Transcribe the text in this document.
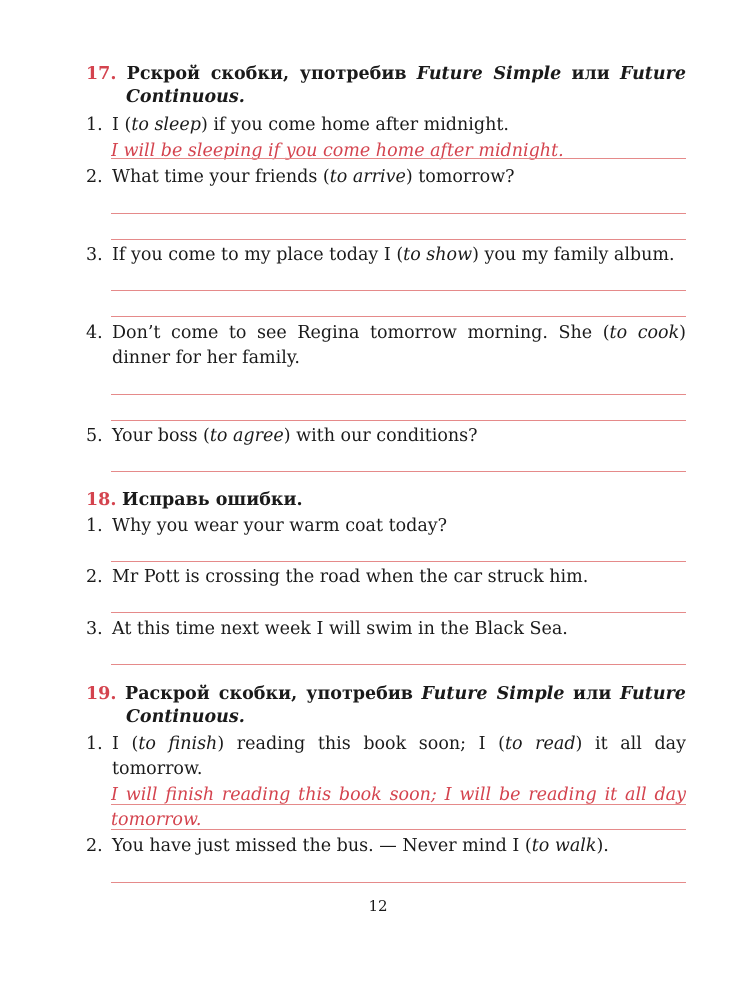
17. Рскрой скобки, употребив Future Simple или Future
Continuous.
1. I (to sleep) if you come home after midnight.
I will be sleeping if you come home after midnight.
2. What time your friends (to arrive) tomorrow?
3. If you come to my place today I (to show) you my family album.
4. Don’t come to see Regina tomorrow morning. She (to cook)
dinner for her family.
5. Your boss (to agree) with our conditions?
18. Исправь ошибки.
1. Why you wear your warm coat today?
2. Mr Pott is crossing the road when the car struck him.
3. At this time next week I will swim in the Black Sea.
19. Раскрой скобки, употребив Future Simple или Future
Continuous.
1. I (to finish) reading this book soon; I (to read) it all day
tomorrow.
I will finish reading this book soon; I will be reading it all day
tomorrow.
2. You have just missed the bus. — Never mind I (to walk).
12
